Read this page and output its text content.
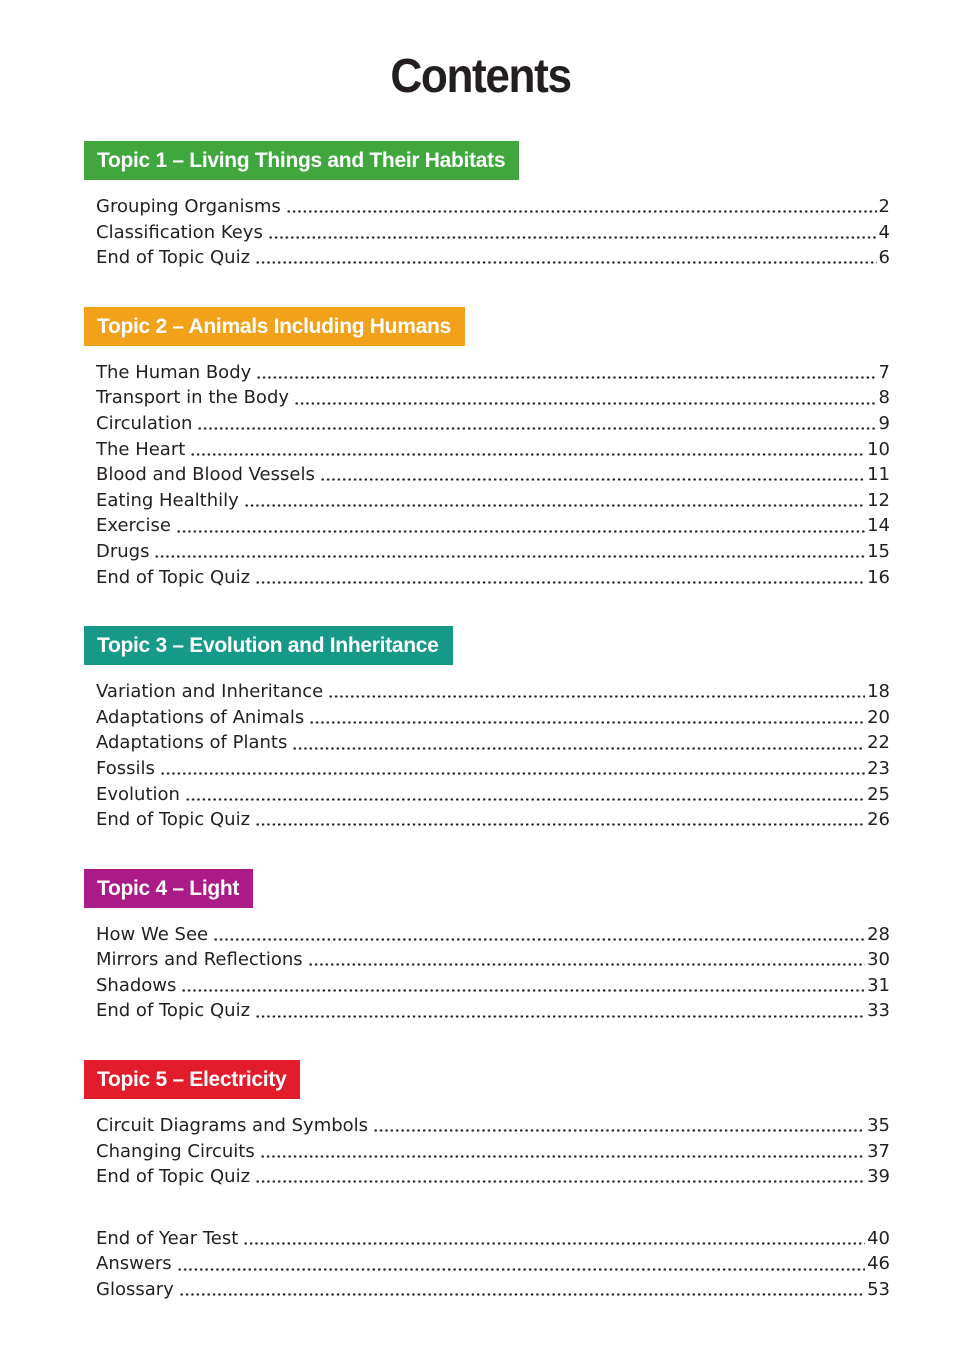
Contents
Topic 1 – Living Things and Their Habitats
Grouping Organisms	2
Classification Keys	4
End of Topic Quiz	6
Topic 2 – Animals Including Humans
The Human Body	7
Transport in the Body	8
Circulation	9
The Heart	10
Blood and Blood Vessels	11
Eating Healthily	12
Exercise	14
Drugs	15
End of Topic Quiz	16
Topic 3 – Evolution and Inheritance
Variation and Inheritance	18
Adaptations of Animals	20
Adaptations of Plants	22
Fossils	23
Evolution	25
End of Topic Quiz	26
Topic 4 – Light
How We See	28
Mirrors and Reflections	30
Shadows	31
End of Topic Quiz	33
Topic 5 – Electricity
Circuit Diagrams and Symbols	35
Changing Circuits	37
End of Topic Quiz	39
End of Year Test	40
Answers	46
Glossary	53
